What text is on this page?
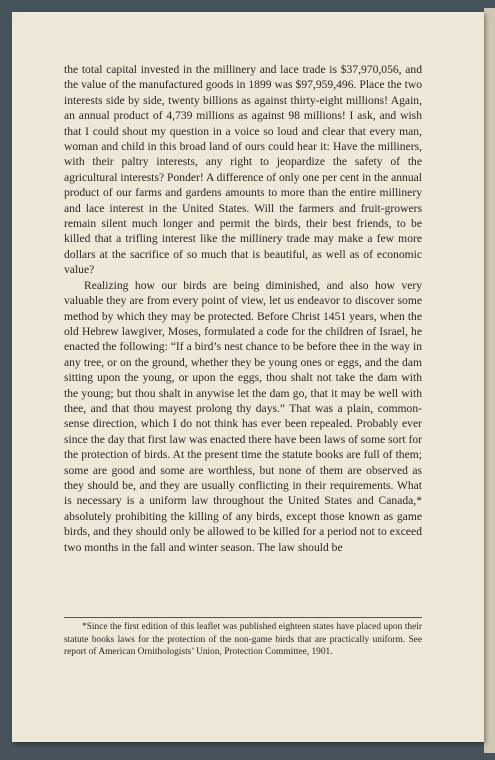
the total capital invested in the millinery and lace trade is $37,970,056, and the value of the manufactured goods in 1899 was $97,959,496. Place the two interests side by side, twenty billions as against thirty-eight millions! Again, an annual product of 4,739 millions as against 98 millions! I ask, and wish that I could shout my question in a voice so loud and clear that every man, woman and child in this broad land of ours could hear it: Have the milliners, with their paltry interests, any right to jeopardize the safety of the agricultural interests? Ponder! A difference of only one per cent in the annual product of our farms and gardens amounts to more than the entire millinery and lace interest in the United States. Will the farmers and fruit-growers remain silent much longer and permit the birds, their best friends, to be killed that a trifling interest like the millinery trade may make a few more dollars at the sacrifice of so much that is beautiful, as well as of economic value?

Realizing how our birds are being diminished, and also how very valuable they are from every point of view, let us endeavor to discover some method by which they may be protected. Before Christ 1451 years, when the old Hebrew lawgiver, Moses, formulated a code for the children of Israel, he enacted the following: “If a bird’s nest chance to be before thee in the way in any tree, or on the ground, whether they be young ones or eggs, and the dam sitting upon the young, or upon the eggs, thou shalt not take the dam with the young; but thou shalt in anywise let the dam go, that it may be well with thee, and that thou mayest prolong thy days.” That was a plain, common-sense direction, which I do not think has ever been repealed. Probably ever since the day that first law was enacted there have been laws of some sort for the protection of birds. At the present time the statute books are full of them; some are good and some are worthless, but none of them are observed as they should be, and they are usually conflicting in their requirements. What is necessary is a uniform law throughout the United States and Canada,* absolutely prohibiting the killing of any birds, except those known as game birds, and they should only be allowed to be killed for a period not to exceed two months in the fall and winter season. The law should be

*Since the first edition of this leaflet was published eighteen states have placed upon their statute books laws for the protection of the non-game birds that are practically uniform. See report of American Ornithologists’ Union, Protection Committee, 1901.
